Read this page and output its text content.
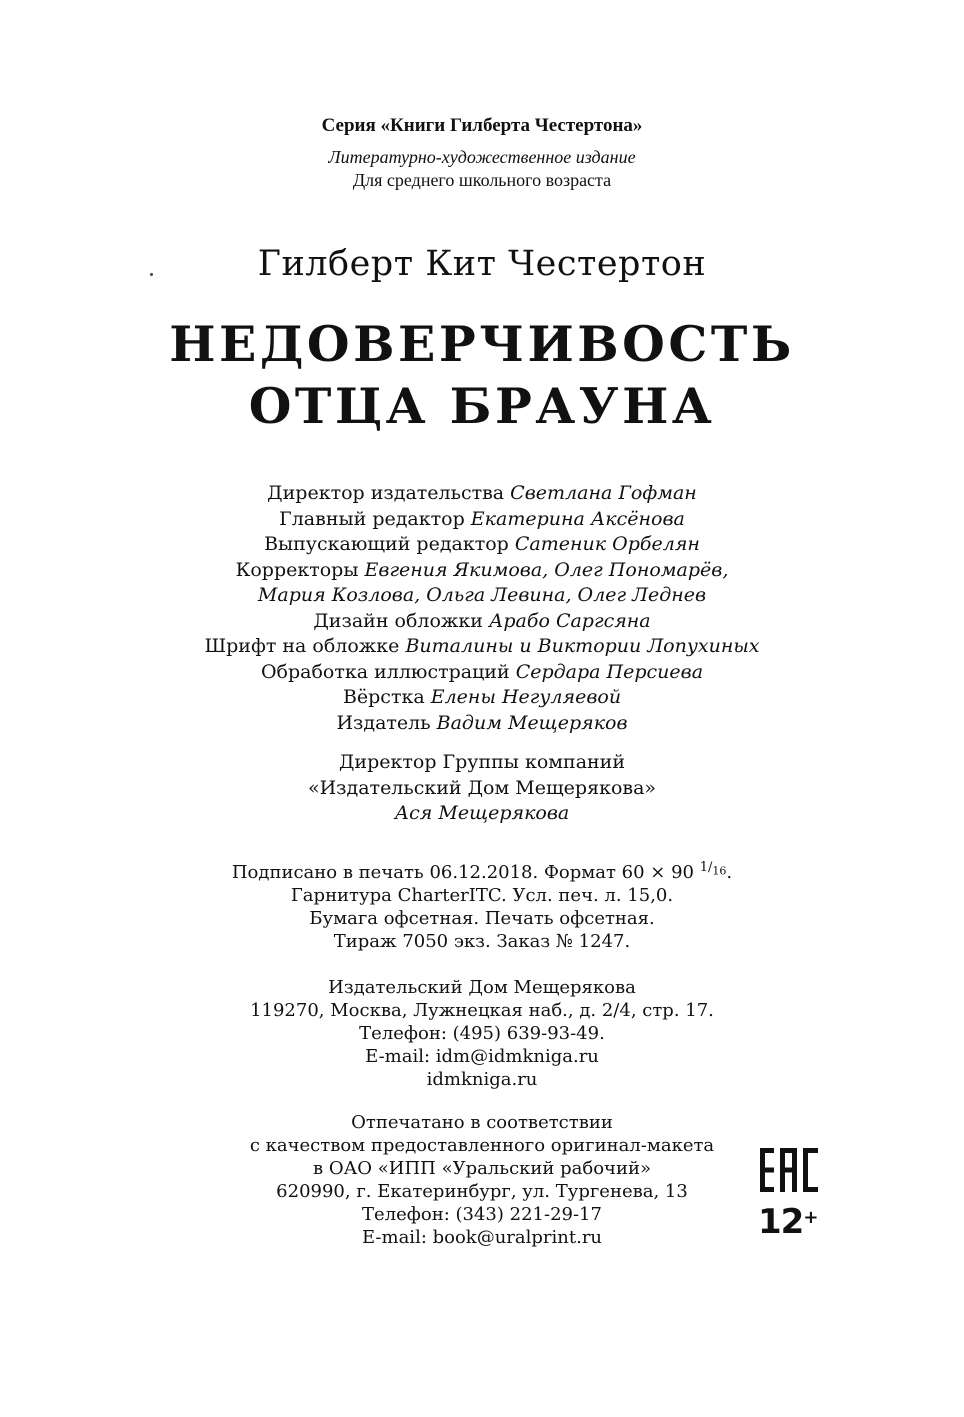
Серия «Книги Гилберта Честертона»

Литературно-художественное издание

Для среднего школьного возраста

Гилберт Кит Честертон

НЕДОВЕРЧИВОСТЬ
ОТЦА БРАУНА
Директор издательства Светлана Гофман
Главный редактор Екатерина Аксёнова
Выпускающий редактор Сатеник Орбелян
Корректоры Евгения Якимова, Олег Пономарёв,
Мария Козлова, Ольга Левина, Олег Леднев
Дизайн обложки Арабо Саргсяна
Шрифт на обложке Виталины и Виктории Лопухиных
Обработка иллюстраций Сердара Персиева
Вёрстка Елены Негуляевой
Издатель Вадим Мещеряков
Директор Группы компаний
«Издательский Дом Мещерякова»
Ася Мещерякова
Подписано в печать 06.12.2018. Формат 60 × 90 $^{1/_{16}}$.
Гарнитура CharterITC. Усл. печ. л. 15,0.
Бумага офсетная. Печать офсетная.
Тираж 7050 экз. Заказ № 1247.
Издательский Дом Мещерякова
119270, Москва, Лужнецкая наб., д. 2/4, стр. 17.
Телефон: (495) 639-93-49.
E-mail: idm@idmkniga.ru
idmkniga.ru
Отпечатано в соответствии
с качеством предоставленного оригинал-макета
в ОАО «ИПП «Уральский рабочий»
620990, г. Екатеринбург, ул. Тургенева, 13
Телефон: (343) 221-29-17
E-mail: book@uralprint.ru	12+
